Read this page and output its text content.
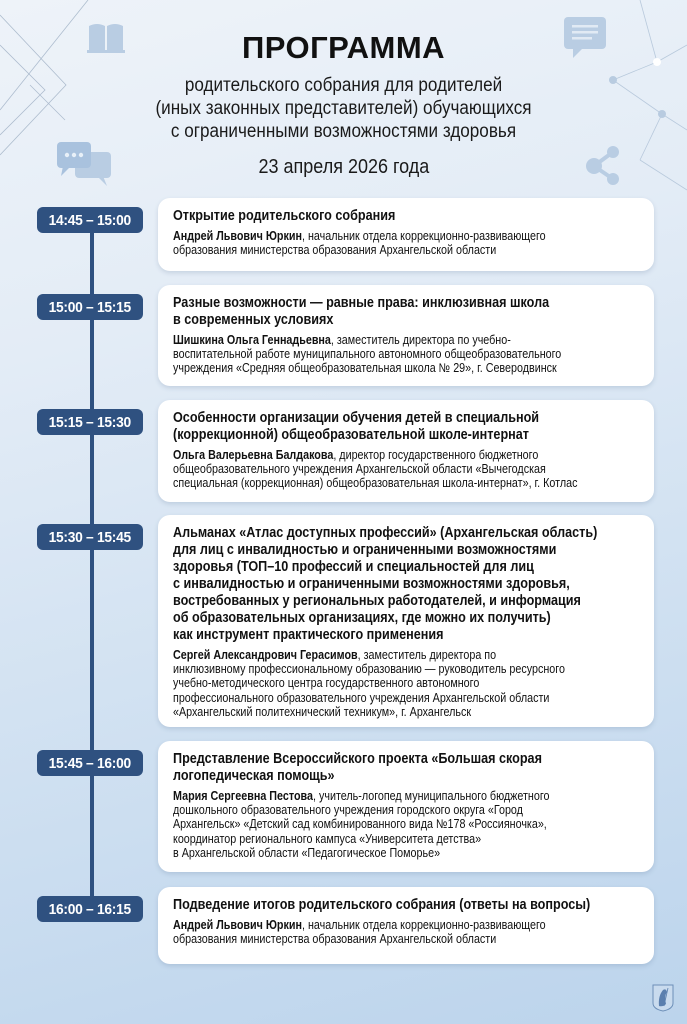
ПРОГРАММА
родительского собрания для родителей
(иных законных представителей) обучающихся
с ограниченными возможностями здоровья
23 апреля 2026 года
14:45 – 15:00	Открытие родительского собрания
Андрей Львович Юркин, начальник отдела коррекционно-развивающего
образования министерства образования Архангельской области
15:00 – 15:15	Разные возможности — равные права: инклюзивная школа
в современных условиях
Шишкина Ольга Геннадьевна, заместитель директора по учебно-
воспитательной работе муниципального автономного общеобразовательного
учреждения «Средняя общеобразовательная школа № 29», г. Северодвинск
15:15 – 15:30	Особенности организации обучения детей в специальной
(коррекционной) общеобразовательной школе-интернат
Ольга Валерьевна Балдакова, директор государственного бюджетного
общеобразовательного учреждения Архангельской области «Вычегодская
специальная (коррекционная) общеобразовательная школа-интернат», г. Котлас
15:30 – 15:45	Альманах «Атлас доступных профессий» (Архангельская область)
для лиц с инвалидностью и ограниченными возможностями
здоровья (ТОП–10 профессий и специальностей для лиц
с инвалидностью и ограниченными возможностями здоровья,
востребованных у региональных работодателей, и информация
об образовательных организациях, где можно их получить)
как инструмент практического применения
Сергей Александрович Герасимов, заместитель директора по
инклюзивному профессиональному образованию — руководитель ресурсного
учебно-методического центра государственного автономного
профессионального образовательного учреждения Архангельской области
«Архангельский политехнический техникум», г. Архангельск
15:45 – 16:00	Представление Всероссийского проекта «Большая скорая
логопедическая помощь»
Мария Сергеевна Пестова, учитель-логопед муниципального бюджетного
дошкольного образовательного учреждения городского округа «Город
Архангельск» «Детский сад комбинированного вида №178 «Россияночка»,
координатор регионального кампуса «Университета детства»
в Архангельской области «Педагогическое Поморье»
16:00 – 16:15	Подведение итогов родительского собрания (ответы на вопросы)
Андрей Львович Юркин, начальник отдела коррекционно-развивающего
образования министерства образования Архангельской области
